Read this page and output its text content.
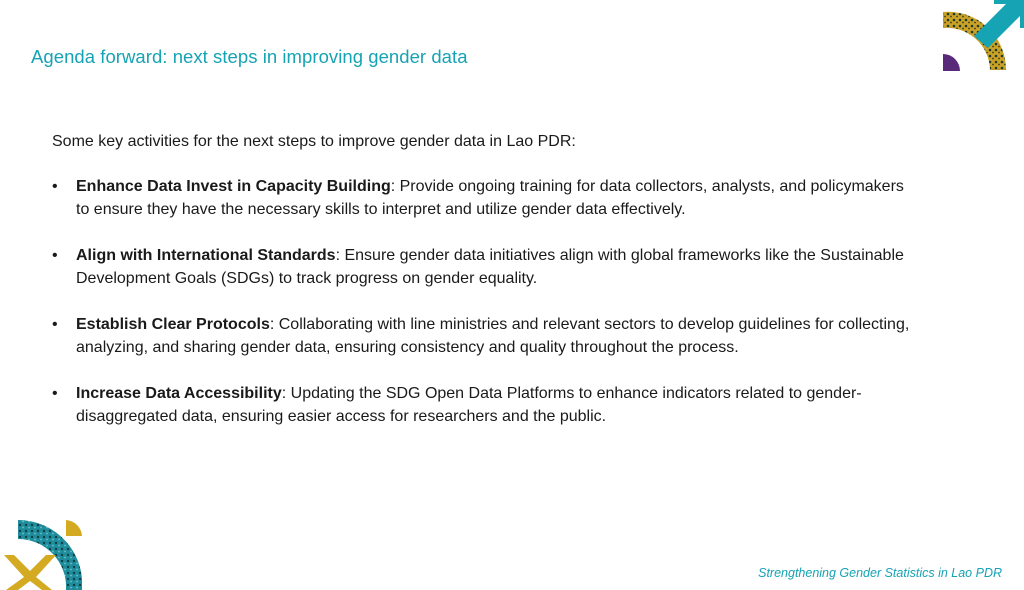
Agenda forward: next steps in improving gender data

Some key activities for the next steps to improve gender data in Lao PDR:

•	Enhance Data Invest in Capacity Building: Provide ongoing training for data collectors, analysts, and policymakers to ensure they have the necessary skills to interpret and utilize gender data effectively.
•	Align with International Standards: Ensure gender data initiatives align with global frameworks like the Sustainable Development Goals (SDGs) to track progress on gender equality.
•	Establish Clear Protocols: Collaborating with line ministries and relevant sectors to develop guidelines for collecting, analyzing, and sharing gender data, ensuring consistency and quality throughout the process.
•	Increase Data Accessibility: Updating the SDG Open Data Platforms to enhance indicators related to gender-disaggregated data, ensuring easier access for researchers and the public.
Strengthening Gender Statistics in Lao PDR
